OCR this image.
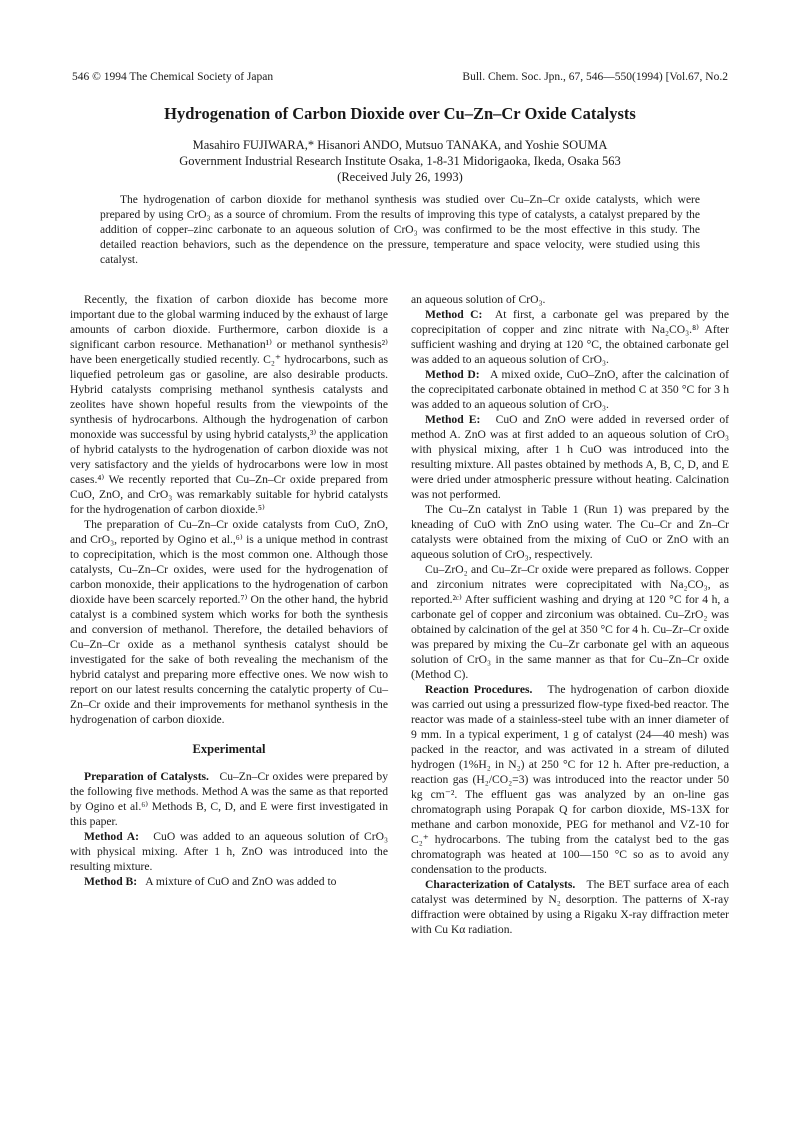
546 © 1994 The Chemical Society of Japan	Bull. Chem. Soc. Jpn., 67, 546—550(1994) [Vol.67, No.2
Hydrogenation of Carbon Dioxide over Cu–Zn–Cr Oxide Catalysts
Masahiro FUJIWARA,* Hisanori ANDO, Mutsuo TANAKA, and Yoshie SOUMA
Government Industrial Research Institute Osaka, 1-8-31 Midorigaoka, Ikeda, Osaka 563
(Received July 26, 1993)

The hydrogenation of carbon dioxide for methanol synthesis was studied over Cu–Zn–Cr oxide catalysts, which were prepared by using CrO₃ as a source of chromium. From the results of improving this type of catalysts, a catalyst prepared by the addition of copper–zinc carbonate to an aqueous solution of CrO₃ was confirmed to be the most effective in this study. The detailed reaction behaviors, such as the dependence on the pressure, temperature and space velocity, were studied using this catalyst.

Recently, the fixation of carbon dioxide has become more important due to the global warming induced by the exhaust of large amounts of carbon dioxide. Furthermore, carbon dioxide is a significant carbon resource. Methanation¹⁾ or methanol synthesis²⁾ have been energetically studied recently. C₂⁺ hydrocarbons, such as liquefied petroleum gas or gasoline, are also desirable products. Hybrid catalysts comprising methanol synthesis catalysts and zeolites have shown hopeful results from the viewpoints of the synthesis of hydrocarbons. Although the hydrogenation of carbon monoxide was successful by using hybrid catalysts,³⁾ the application of hybrid catalysts to the hydrogenation of carbon dioxide was not very satisfactory and the yields of hydrocarbons were low in most cases.⁴⁾ We recently reported that Cu–Zn–Cr oxide prepared from CuO, ZnO, and CrO₃ was remarkably suitable for hybrid catalysts for the hydrogenation of carbon dioxide.⁵⁾

The preparation of Cu–Zn–Cr oxide catalysts from CuO, ZnO, and CrO₃, reported by Ogino et al.,⁶⁾ is a unique method in contrast to coprecipitation, which is the most common one. Although those catalysts, Cu–Zn–Cr oxides, were used for the hydrogenation of carbon monoxide, their applications to the hydrogenation of carbon dioxide have been scarcely reported.⁷⁾ On the other hand, the hybrid catalyst is a combined system which works for both the synthesis and conversion of methanol. Therefore, the detailed behaviors of Cu–Zn–Cr oxide as a methanol synthesis catalyst should be investigated for the sake of both revealing the mechanism of the hybrid catalyst and preparing more effective ones. We now wish to report on our latest results concerning the catalytic property of Cu–Zn–Cr oxide and their improvements for methanol synthesis in the hydrogenation of carbon dioxide.

Experimental

Preparation of Catalysts. Cu–Zn–Cr oxides were prepared by the following five methods. Method A was the same as that reported by Ogino et al.⁶⁾ Methods B, C, D, and E were first investigated in this paper.

Method A: CuO was added to an aqueous solution of CrO₃ with physical mixing. After 1 h, ZnO was introduced into the resulting mixture.

Method B: A mixture of CuO and ZnO was added to

an aqueous solution of CrO₃.

Method C: At first, a carbonate gel was prepared by the coprecipitation of copper and zinc nitrate with Na₂CO₃.⁸⁾ After sufficient washing and drying at 120 °C, the obtained carbonate gel was added to an aqueous solution of CrO₃.

Method D: A mixed oxide, CuO–ZnO, after the calcination of the coprecipitated carbonate obtained in method C at 350 °C for 3 h was added to an aqueous solution of CrO₃.

Method E: CuO and ZnO were added in reversed order of method A. ZnO was at first added to an aqueous solution of CrO₃ with physical mixing, after 1 h CuO was introduced into the resulting mixture. All pastes obtained by methods A, B, C, D, and E were dried under atmospheric pressure without heating. Calcination was not performed.

The Cu–Zn catalyst in Table 1 (Run 1) was prepared by the kneading of CuO with ZnO using water. The Cu–Cr and Zn–Cr catalysts were obtained from the mixing of CuO or ZnO with an aqueous solution of CrO₃, respectively.

Cu–ZrO₂ and Cu–Zr–Cr oxide were prepared as follows. Copper and zirconium nitrates were coprecipitated with Na₂CO₃, as reported.²ᶜ⁾ After sufficient washing and drying at 120 °C for 4 h, a carbonate gel of copper and zirconium was obtained. Cu–ZrO₂ was obtained by calcination of the gel at 350 °C for 4 h. Cu–Zr–Cr oxide was prepared by mixing the Cu–Zr carbonate gel with an aqueous solution of CrO₃ in the same manner as that for Cu–Zn–Cr oxide (Method C).

Reaction Procedures. The hydrogenation of carbon dioxide was carried out using a pressurized flow-type fixed-bed reactor. The reactor was made of a stainless-steel tube with an inner diameter of 9 mm. In a typical experiment, 1 g of catalyst (24—40 mesh) was packed in the reactor, and was activated in a stream of diluted hydrogen (1%H₂ in N₂) at 250 °C for 12 h. After pre-reduction, a reaction gas (H₂/CO₂=3) was introduced into the reactor under 50 kg cm⁻². The effluent gas was analyzed by an on-line gas chromatograph using Porapak Q for carbon dioxide, MS-13X for methane and carbon monoxide, PEG for methanol and VZ-10 for C₂⁺ hydrocarbons. The tubing from the catalyst bed to the gas chromatograph was heated at 100—150 °C so as to avoid any condensation to the products.

Characterization of Catalysts. The BET surface area of each catalyst was determined by N₂ desorption. The patterns of X-ray diffraction were obtained by using a Rigaku X-ray diffraction meter with Cu Kα radiation.
